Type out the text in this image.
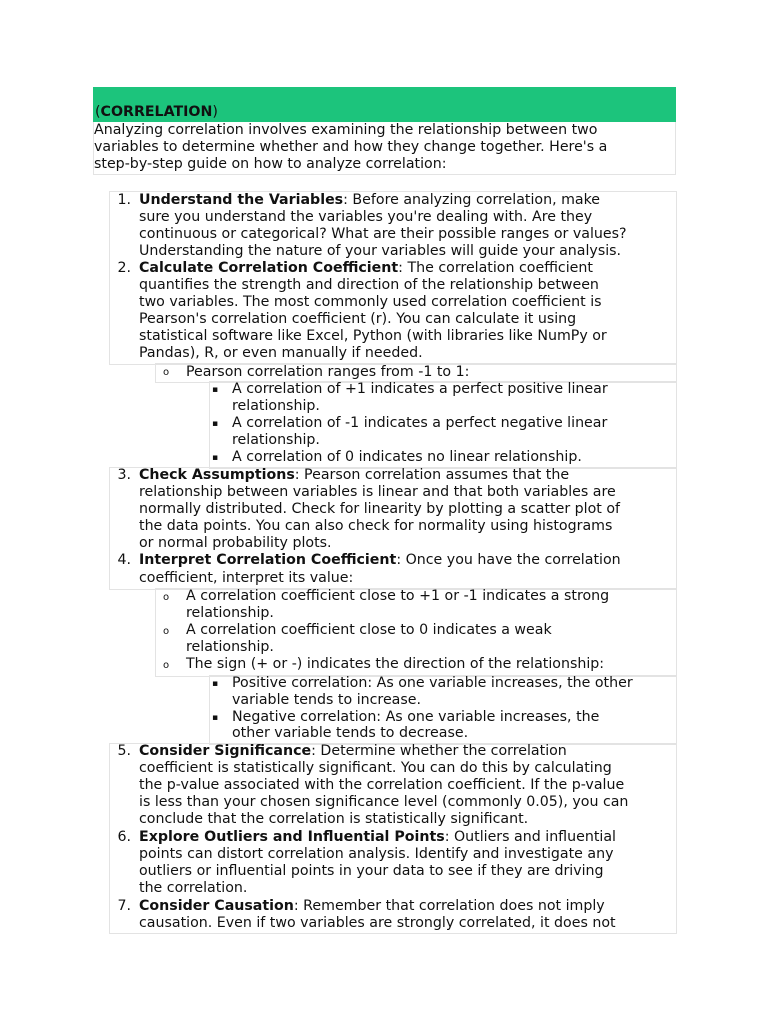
(CORRELATION)
Analyzing correlation involves examining the relationship between two
variables to determine whether and how they change together. Here's a
step-by-step guide on how to analyze correlation:
1. Understand the Variables: Before analyzing correlation, make
sure you understand the variables you're dealing with. Are they
continuous or categorical? What are their possible ranges or values?
Understanding the nature of your variables will guide your analysis.
2. Calculate Correlation Coefficient: The correlation coefficient
quantifies the strength and direction of the relationship between
two variables. The most commonly used correlation coefficient is
Pearson's correlation coefficient (r). You can calculate it using
statistical software like Excel, Python (with libraries like NumPy or
Pandas), R, or even manually if needed.
o Pearson correlation ranges from -1 to 1:
▪ A correlation of +1 indicates a perfect positive linear
relationship.
▪ A correlation of -1 indicates a perfect negative linear
relationship.
▪ A correlation of 0 indicates no linear relationship.
3. Check Assumptions: Pearson correlation assumes that the
relationship between variables is linear and that both variables are
normally distributed. Check for linearity by plotting a scatter plot of
the data points. You can also check for normality using histograms
or normal probability plots.
4. Interpret Correlation Coefficient: Once you have the correlation
coefficient, interpret its value:
o A correlation coefficient close to +1 or -1 indicates a strong
relationship.
o A correlation coefficient close to 0 indicates a weak
relationship.
o The sign (+ or -) indicates the direction of the relationship:
▪ Positive correlation: As one variable increases, the other
variable tends to increase.
▪ Negative correlation: As one variable increases, the
other variable tends to decrease.
5. Consider Significance: Determine whether the correlation
coefficient is statistically significant. You can do this by calculating
the p-value associated with the correlation coefficient. If the p-value
is less than your chosen significance level (commonly 0.05), you can
conclude that the correlation is statistically significant.
6. Explore Outliers and Influential Points: Outliers and influential
points can distort correlation analysis. Identify and investigate any
outliers or influential points in your data to see if they are driving
the correlation.
7. Consider Causation: Remember that correlation does not imply
causation. Even if two variables are strongly correlated, it does not
